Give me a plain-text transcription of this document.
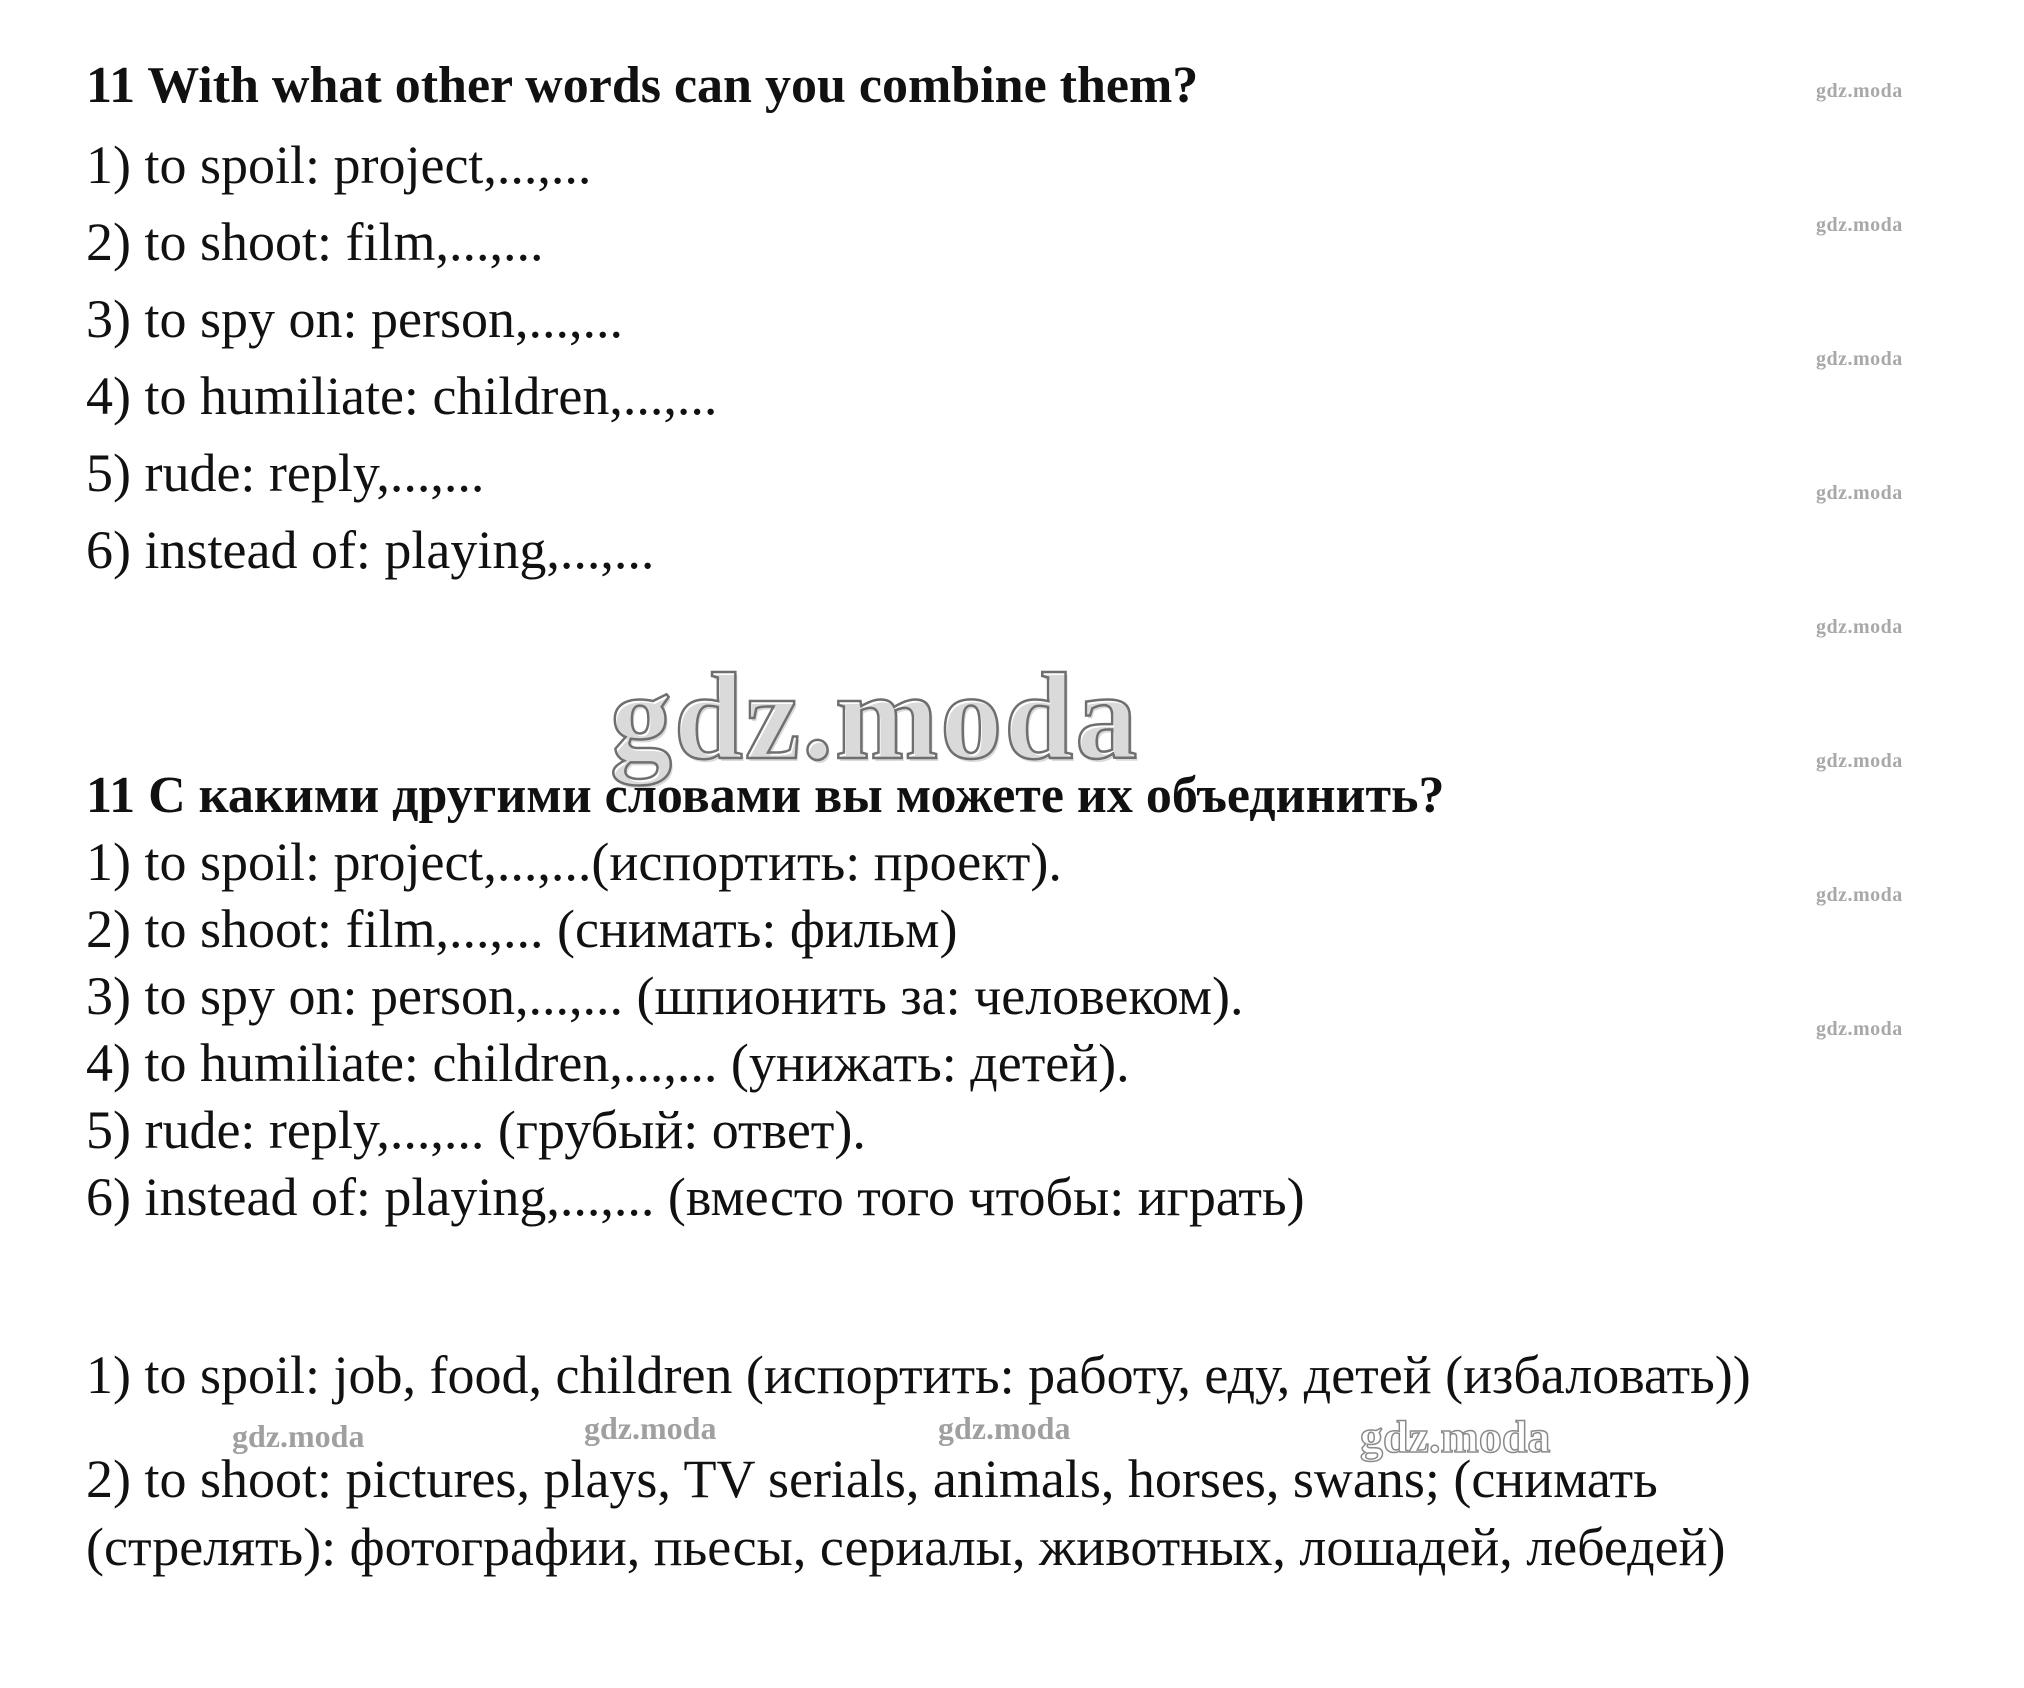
11 With what other words can you combine them?
1) to spoil: project,...,...
2) to shoot: film,...,...
3) to spy on: person,...,...
4) to humiliate: children,...,...
5) rude: reply,...,...
6) instead of: playing,...,...
gdz.moda
11 С какими другими словами вы можете их объединить?
1) to spoil: project,...,...(испортить: проект).
2) to shoot: film,...,... (снимать: фильм)
3) to spy on: person,...,... (шпионить за: человеком).
4) to humiliate: children,...,... (унижать: детей).
5) rude: reply,...,... (грубый: ответ).
6) instead of: playing,...,... (вместо того чтобы: играть)
1) to spoil: job, food, children (испортить: работу, еду, детей (избаловать))
2) to shoot: pictures, plays, TV serials, animals, horses, swans; (снимать
(стрелять): фотографии, пьесы, сериалы, животных, лошадей, лебедей)
gdz.moda
gdz.moda
gdz.moda
gdz.moda
gdz.moda
gdz.moda
gdz.moda
gdz.moda
gdz.moda	gdz.moda	gdz.moda	gdz.moda
